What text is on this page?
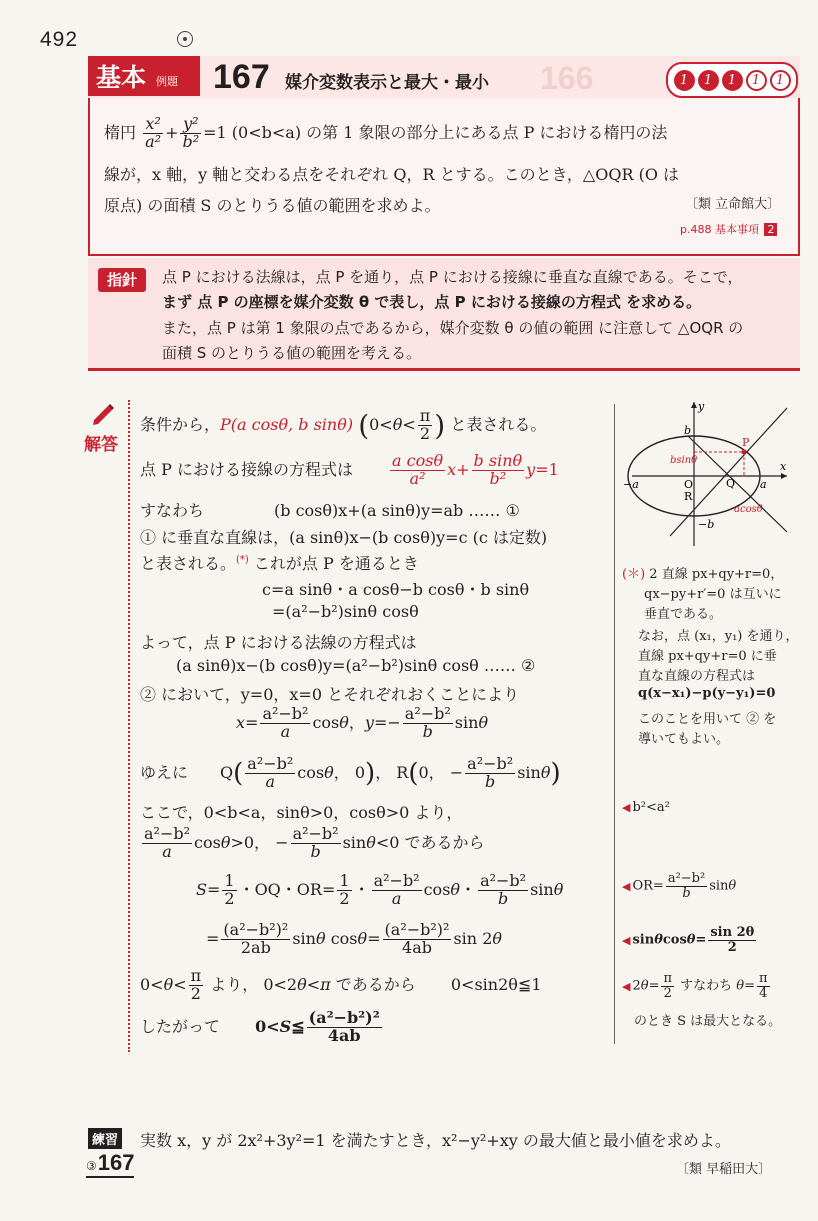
492
166
基本 例題 167 媒介変数表示と最大・最小	1	1	1	1	1
楕円 $\frac{\text{x²}}{\text{a²}} + \frac{\text{y²}}{\text{b²}} =1$ (0<b<a) の第 1 象限の部分上にある点 P における楕円の法
線が，x 軸，y 軸と交わる点をそれぞれ Q，R とする。このとき，△OQR (O は
原点) の面積 S のとりうる値の範囲を求めよ。	〔類 立命館大〕
p.488 基本事項 2
指針	点 P における法線は，点 P を通り，点 P における接線に垂直な直線である。そこで，
まず 点 P の座標を媒介変数 θ で表し，点 P における接線の方程式 を求める。
また，点 P は第 1 象限の点であるから，媒介変数 θ の値の範囲 に注意して △OQR の
面積 S のとりうる値の範囲を考える。
解答
条件から，P(a cosθ, b sinθ) ($0<\theta< \frac{\pi}{2}$ ) と表される。
点 P における接線の方程式は $\frac{\text{a cosθ}}{\text{a²}} x+ \frac{\text{b sinθ}}{\text{b²}} y=1$
すなわち	(b cosθ)x+(a sinθ)y=ab …… ①
① に垂直な直線は，(a sinθ)x−(b cosθ)y=c (c は定数)
と表される。(*) これが点 P を通るとき
c=a sinθ・a cosθ−b cosθ・b sinθ
=(a²−b²)sinθ cosθ
よって，点 P における法線の方程式は
(a sinθ)x−(b cosθ)y=(a²−b²)sinθ cosθ …… ②
② において，y=0，x=0 とそれぞれおくことにより
$x= \frac{\text{a²−b²}}{a}$ cosθ，$y=- \frac{\text{a²−b²}}{b}$ sinθ
ゆえに　　$Q( \frac{\text{a²−b²}}{a}$ cosθ， 0)， R(0， − $\frac{\text{a²−b²}}{b} \sin\theta$)
ここで，0<b<a，sinθ>0，cosθ>0 より，
$\frac{\text{a²−b²}}{a} \cos\theta>0$， − $\frac{\text{a²−b²}}{b} \sin\theta<0$ であるから
$S= \frac{1}{2}$ ・OQ・$OR= \frac{1}{2}$ ・ $\frac{\text{a²−b²}}{a}$ cosθ・ $\frac{\text{a²−b²}}{b}$ sinθ
= $\frac{\text{(a²−b²)²}}{2ab}$ sinθ $\cos\theta= \frac{\text{(a²−b²)²}}{4ab}$ sin 2θ
$0<\theta< \frac{\pi}{2}$ より， 0<2θ<π であるから 0<sin2θ≦1
したがって 0<S≦ $\frac{\text{(a²−b²)²}}{4ab}$
y
x
b
−b
−a	a
O
P
Q
R
bsinθ
acosθ
(＊) 2 直線 px+qy+r=0，
qx−py+r′=0 は互いに
垂直である。
なお，点 (x₁，y₁) を通り，
直線 px+qy+r=0 に垂
直な直線の方程式は
q(x−x₁)−p(y−y₁)=0
このことを用いて ② を
導いてもよい。
◀ b²<a²
◀ $OR= \frac{\text{a²−b²}}{b}$ sinθ
◀ $\sin\theta\cos\theta= \frac{\sin 2\theta}{2}$
◀ $2\theta= \frac{\pi}{2}$ すなわち $\theta= \frac{\pi}{4}$
のとき S は最大となる。
練習
③167
実数 x，y が 2x²+3y²=1 を満たすとき，x²−y²+xy の最大値と最小値を求めよ。
〔類 早稲田大〕
